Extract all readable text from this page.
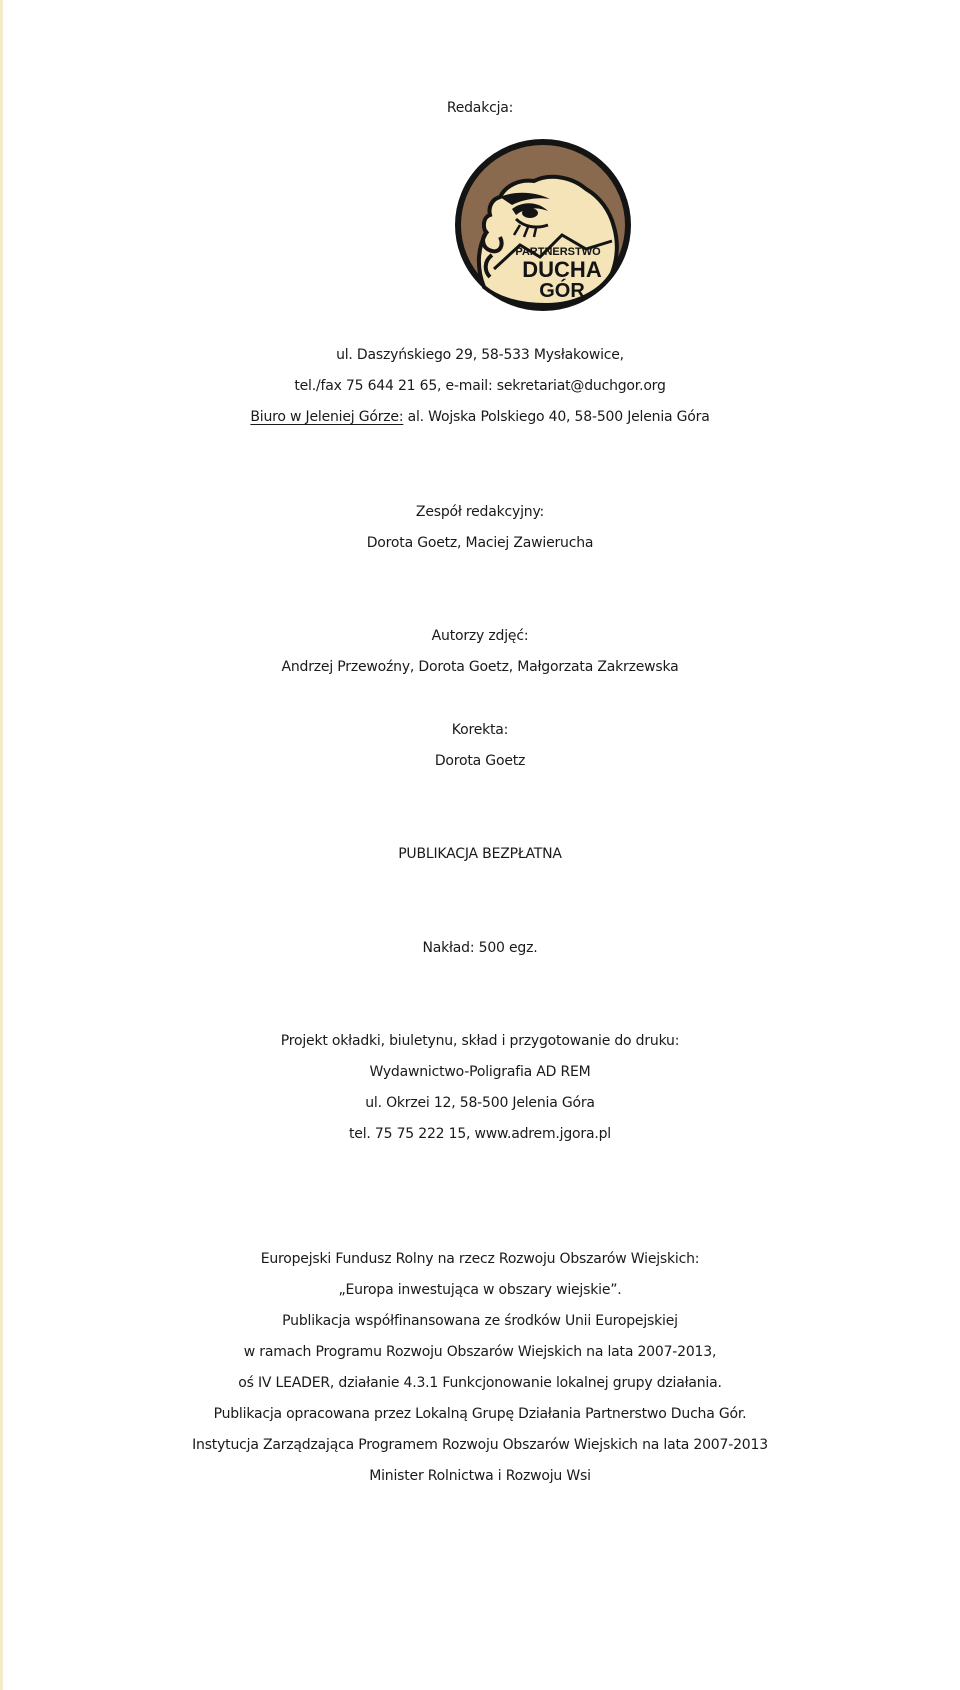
Redakcja:

PARTNERSTWO
DUCHA
GÓR

ul. Daszyńskiego 29, 58-533 Mysłakowice,

tel./fax 75 644 21 65, e-mail: sekretariat@duchgor.org

Biuro w Jeleniej Górze: al. Wojska Polskiego 40, 58-500 Jelenia Góra

Zespół redakcyjny:

Dorota Goetz, Maciej Zawierucha

Autorzy zdjęć:

Andrzej Przewoźny, Dorota Goetz, Małgorzata Zakrzewska

Korekta:

Dorota Goetz

PUBLIKACJA BEZPŁATNA

Nakład: 500 egz.

Projekt okładki, biuletynu, skład i przygotowanie do druku:

Wydawnictwo-Poligrafia AD REM

ul. Okrzei 12, 58-500 Jelenia Góra

tel. 75 75 222 15, www.adrem.jgora.pl

Europejski Fundusz Rolny na rzecz Rozwoju Obszarów Wiejskich:

„Europa inwestująca w obszary wiejskie”.

Publikacja współfinansowana ze środków Unii Europejskiej

w ramach Programu Rozwoju Obszarów Wiejskich na lata 2007-2013,

oś IV LEADER, działanie 4.3.1 Funkcjonowanie lokalnej grupy działania.

Publikacja opracowana przez Lokalną Grupę Działania Partnerstwo Ducha Gór.

Instytucja Zarządzająca Programem Rozwoju Obszarów Wiejskich na lata 2007-2013

Minister Rolnictwa i Rozwoju Wsi
